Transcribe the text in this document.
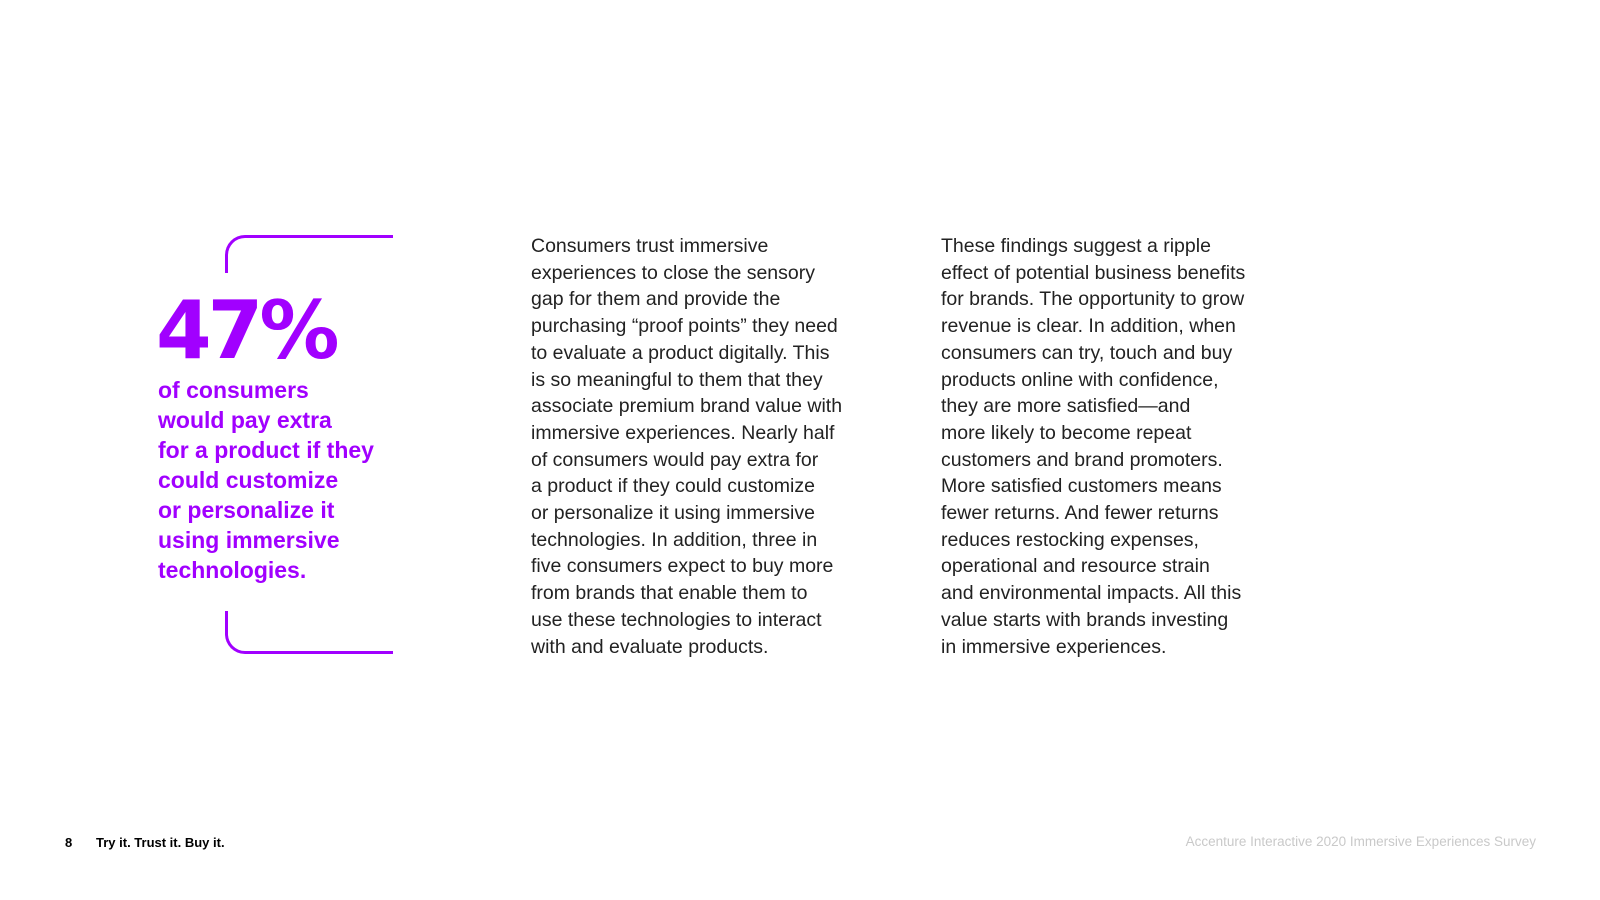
47%
of consumers
would pay extra
for a product if they
could customize
or personalize it
using immersive
technologies.
Consumers trust immersive
experiences to close the sensory
gap for them and provide the
purchasing “proof points” they need
to evaluate a product digitally. This
is so meaningful to them that they
associate premium brand value with
immersive experiences. Nearly half
of consumers would pay extra for
a product if they could customize
or personalize it using immersive
technologies. In addition, three in
five consumers expect to buy more
from brands that enable them to
use these technologies to interact
with and evaluate products.
These findings suggest a ripple
effect of potential business benefits
for brands. The opportunity to grow
revenue is clear. In addition, when
consumers can try, touch and buy
products online with confidence,
they are more satisfied—and
more likely to become repeat
customers and brand promoters.
More satisfied customers means
fewer returns. And fewer returns
reduces restocking expenses,
operational and resource strain
and environmental impacts. All this
value starts with brands investing
in immersive experiences.
8 Try it. Trust it. Buy it.	Accenture Interactive 2020 Immersive Experiences Survey
